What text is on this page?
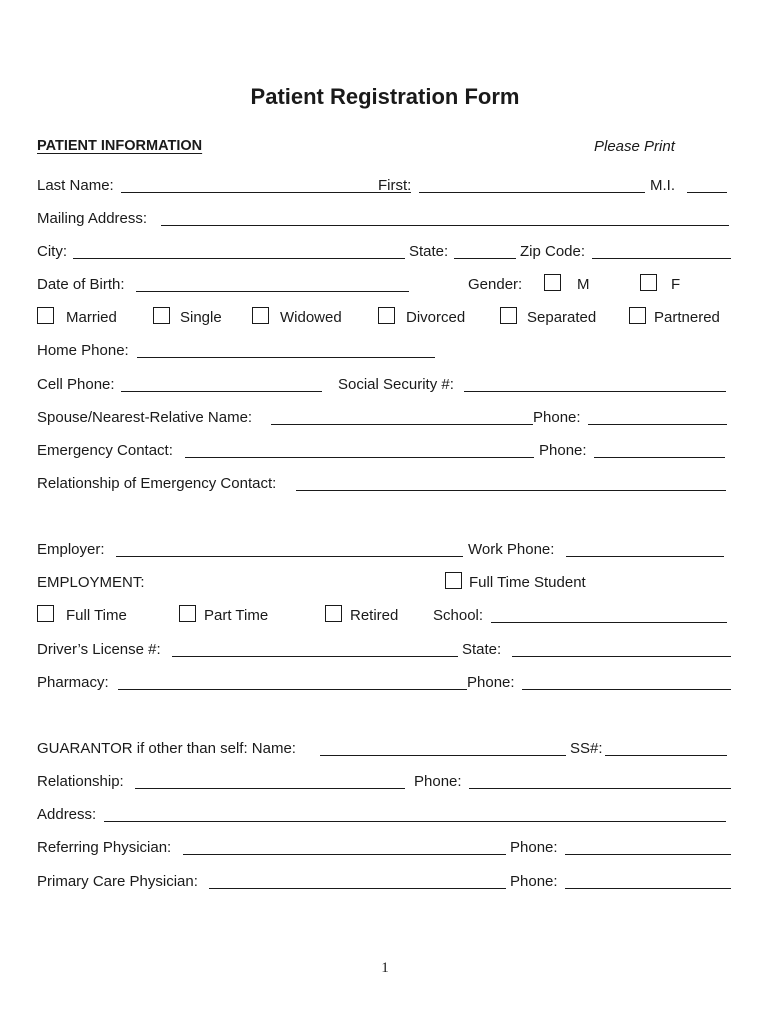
Patient Registration Form
PATIENT INFORMATION	Please Print
Last Name:	First:	M.I.
Mailing Address:
City:	State:	Zip Code:
Date of Birth:	Gender:	M	F
Married	Single	Widowed	Divorced	Separated	Partnered
Home Phone:
Cell Phone:	Social Security #:
Spouse/Nearest-Relative Name:	Phone:
Emergency Contact:	Phone:
Relationship of Emergency Contact:
Employer:	Work Phone:
EMPLOYMENT:	Full Time Student
Full Time	Part Time	Retired School:
Driver’s License #:	State:
Pharmacy:	Phone:
GUARANTOR if other than self: Name:	SS#:
Relationship:	Phone:
Address:
Referring Physician:	Phone:
Primary Care Physician:	Phone:
1
